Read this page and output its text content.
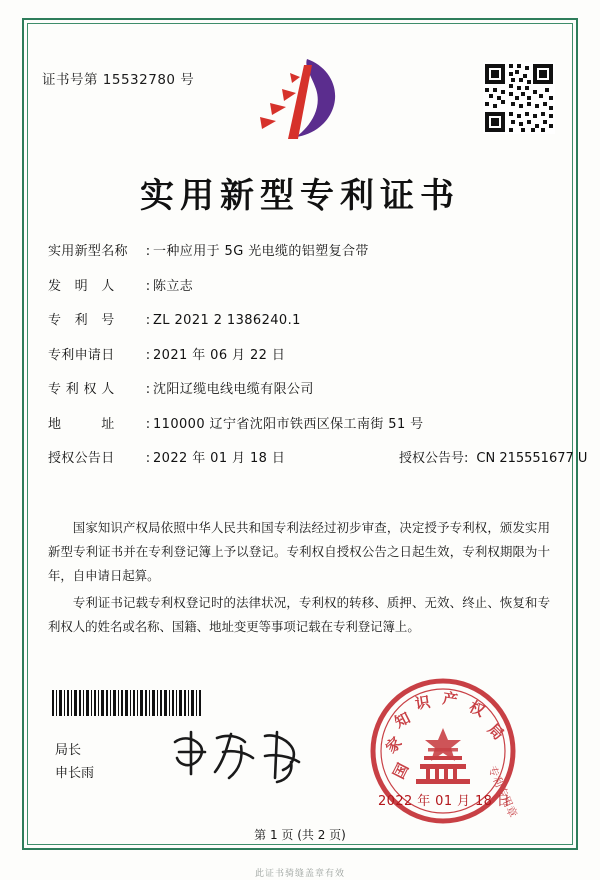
证书号第 15532780 号
实用新型专利证书
实用新型名称	: 一种应用于 5G 光电缆的铝塑复合带
发　明　人	: 陈立志
专　利　号	: ZL 2021 2 1386240.1
专利申请日	: 2021 年 06 月 22 日
专 利 权 人	: 沈阳辽缆电线电缆有限公司
地　　　址	: 110000 辽宁省沈阳市铁西区保工南街 51 号
授权公告日	: 2022 年 01 月 18 日	授权公告号: CN 215551677 U

国家知识产权局依照中华人民共和国专利法经过初步审查，决定授予专利权，颁发实用新型专利证书并在专利登记簿上予以登记。专利权自授权公告之日起生效，专利权期限为十年，自申请日起算。

专利证书记载专利权登记时的法律状况，专利权的转移、质押、无效、终止、恢复和专利权人的姓名或名称、国籍、地址变更等事项记载在专利登记簿上。

局长
申长雨	国
家
知
识 产 权
局
专利专用章
2022 年 01 月 18 日
第 1 页 (共 2 页)
此证书骑缝盖章有效
